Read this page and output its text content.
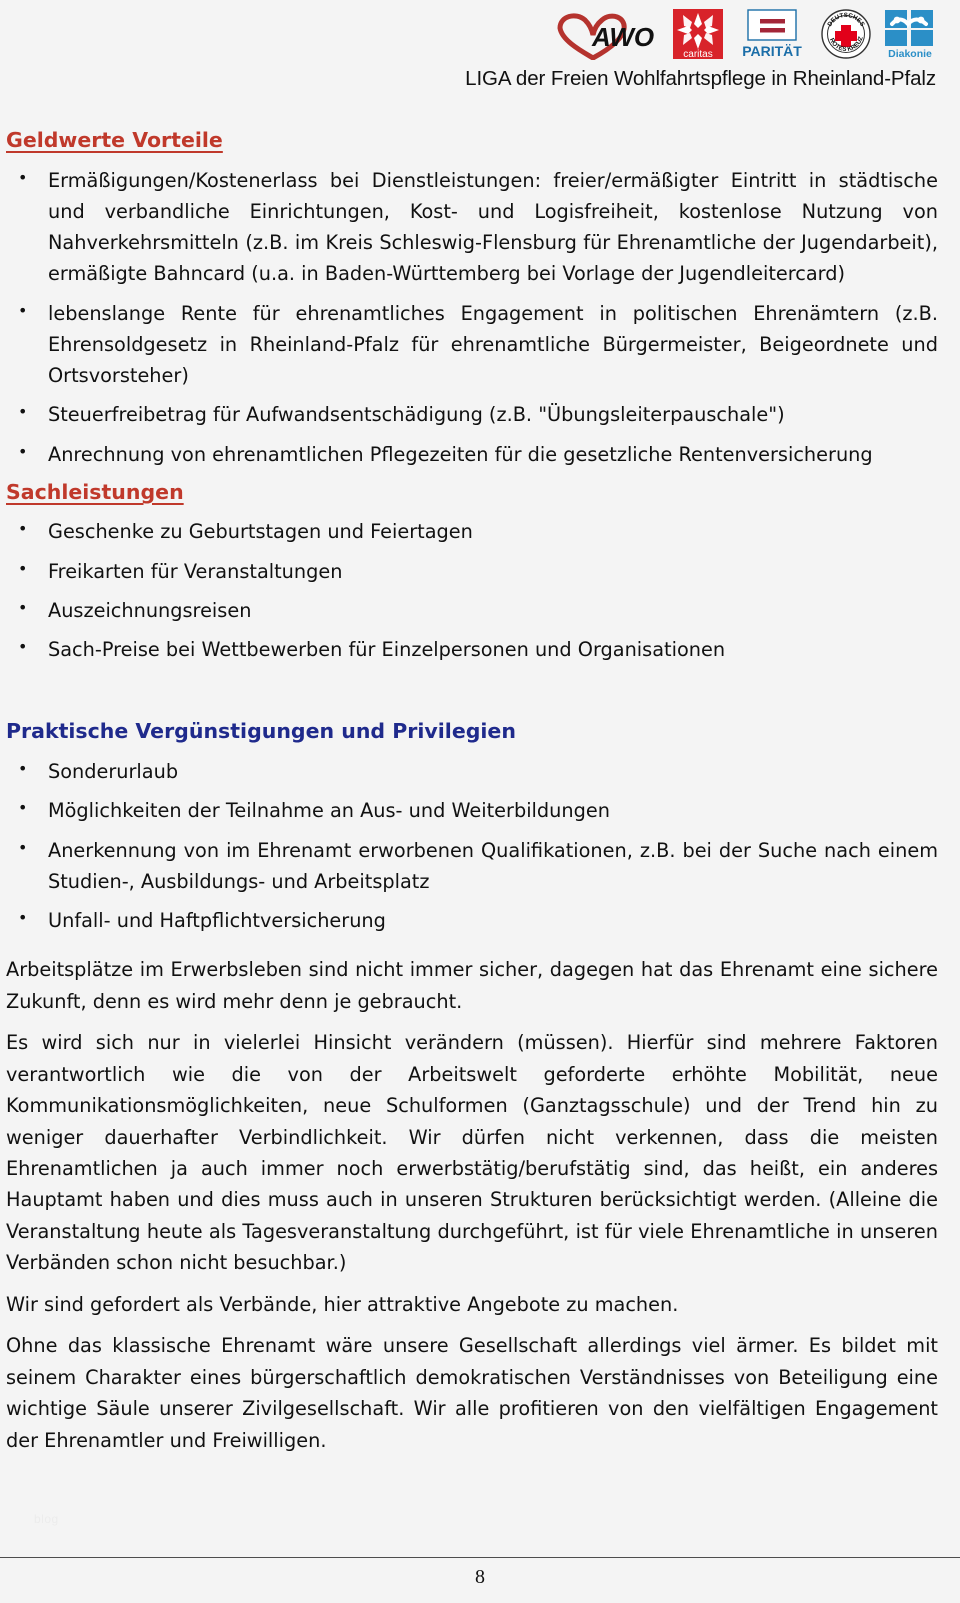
AWO
caritas PARITÄT
DEUTSCHES
ROTES KREUZ
Diakonie
LIGA der Freien Wohlfahrtspflege in Rheinland-Pfalz
Geldwerte Vorteile
• Ermäßigungen/Kostenerlass bei Dienstleistungen: freier/ermäßigter Eintritt in städtische und verbandliche Einrichtungen, Kost- und Logisfreiheit, kostenlose Nutzung von Nahverkehrsmitteln (z.B. im Kreis Schleswig-Flensburg für Ehrenamtliche der Jugendarbeit), ermäßigte Bahncard (u.a. in Baden-Württemberg bei Vorlage der Jugendleitercard)
• lebenslange Rente für ehrenamtliches Engagement in politischen Ehrenämtern (z.B. Ehrensoldgesetz in Rheinland-Pfalz für ehrenamtliche Bürgermeister, Beigeordnete und Ortsvorsteher)
• Steuerfreibetrag für Aufwandsentschädigung (z.B. "Übungsleiterpauschale")
• Anrechnung von ehrenamtlichen Pflegezeiten für die gesetzliche Rentenversicherung
Sachleistungen
• Geschenke zu Geburtstagen und Feiertagen
• Freikarten für Veranstaltungen
• Auszeichnungsreisen
• Sach-Preise bei Wettbewerben für Einzelpersonen und Organisationen
Praktische Vergünstigungen und Privilegien
• Sonderurlaub
• Möglichkeiten der Teilnahme an Aus- und Weiterbildungen
• Anerkennung von im Ehrenamt erworbenen Qualifikationen, z.B. bei der Suche nach einem Studien-, Ausbildungs- und Arbeitsplatz
• Unfall- und Haftpflichtversicherung

Arbeitsplätze im Erwerbsleben sind nicht immer sicher, dagegen hat das Ehrenamt eine sichere Zukunft, denn es wird mehr denn je gebraucht.

Es wird sich nur in vielerlei Hinsicht verändern (müssen). Hierfür sind mehrere Faktoren verantwortlich wie die von der Arbeitswelt geforderte erhöhte Mobilität, neue Kommunikationsmöglichkeiten, neue Schulformen (Ganztagsschule) und der Trend hin zu weniger dauerhafter Verbindlichkeit. Wir dürfen nicht verkennen, dass die meisten Ehrenamtlichen ja auch immer noch erwerbstätig/berufstätig sind, das heißt, ein anderes Hauptamt haben und dies muss auch in unseren Strukturen berücksichtigt werden. (Alleine die Veranstaltung heute als Tagesveranstaltung durchgeführt, ist für viele Ehrenamtliche in unseren Verbänden schon nicht besuchbar.)

Wir sind gefordert als Verbände, hier attraktive Angebote zu machen.

Ohne das klassische Ehrenamt wäre unsere Gesellschaft allerdings viel ärmer. Es bildet mit seinem Charakter eines bürgerschaftlich demokratischen Verständnisses von Beteiligung eine wichtige Säule unserer Zivilgesellschaft. Wir alle profitieren von den vielfältigen Engagement der Ehrenamtler und Freiwilligen.

blog
8
